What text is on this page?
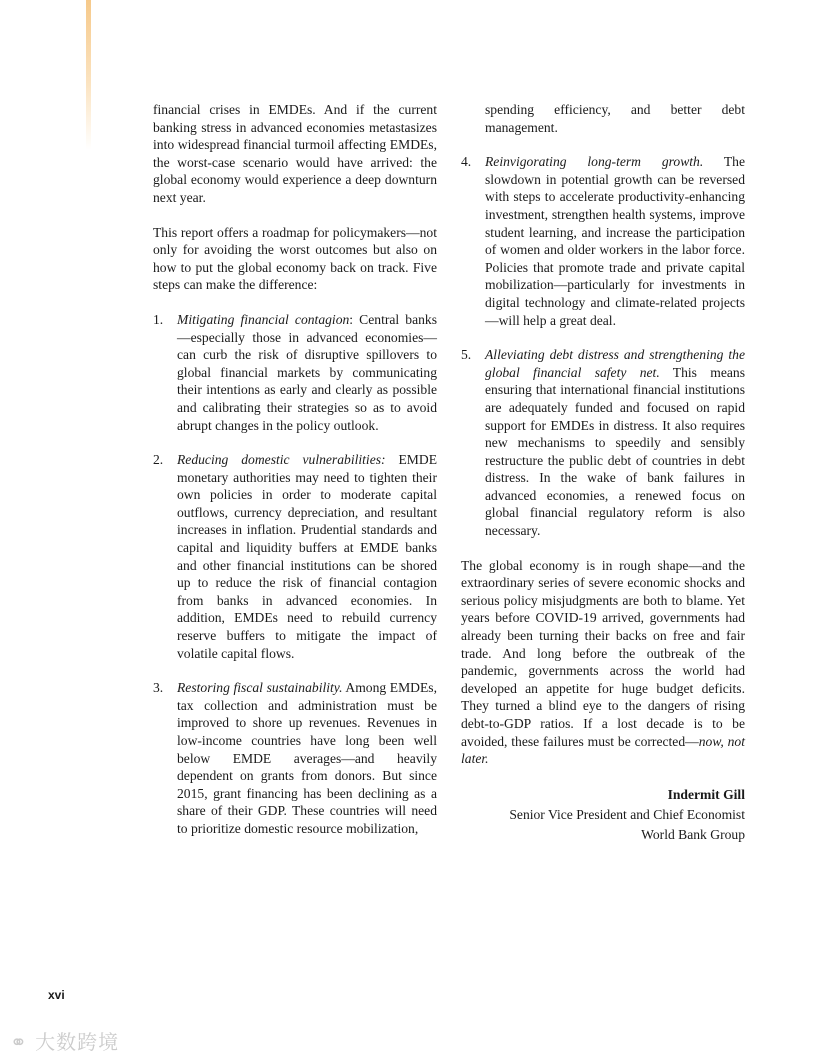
financial crises in EMDEs. And if the current banking stress in advanced economies metastasizes into widespread financial turmoil affecting EMDEs, the worst-case scenario would have arrived: the global economy would experience a deep downturn next year.

This report offers a roadmap for policymakers—not only for avoiding the worst outcomes but also on how to put the global economy back on track. Five steps can make the difference:

1. Mitigating financial contagion: Central banks—especially those in advanced economies—can curb the risk of disruptive spillovers to global financial markets by communicating their intentions as early and clearly as possible and calibrating their strategies so as to avoid abrupt changes in the policy outlook.
2. Reducing domestic vulnerabilities: EMDE monetary authorities may need to tighten their own policies in order to moderate capital outflows, currency depreciation, and resultant increases in inflation. Prudential standards and capital and liquidity buffers at EMDE banks and other financial institutions can be shored up to reduce the risk of financial contagion from banks in advanced economies. In addition, EMDEs need to rebuild currency reserve buffers to mitigate the impact of volatile capital flows.
3. Restoring fiscal sustainability. Among EMDEs, tax collection and administration must be improved to shore up revenues. Revenues in low-income countries have long been well below EMDE averages—and heavily dependent on grants from donors. But since 2015, grant financing has been declining as a share of their GDP. These countries will need to prioritize domestic resource mobilization,
spending efficiency, and better debt management.
4. Reinvigorating long-term growth. The slowdown in potential growth can be reversed with steps to accelerate productivity-enhancing investment, strengthen health systems, improve student learning, and increase the participation of women and older workers in the labor force. Policies that promote trade and private capital mobilization—particularly for investments in digital technology and climate-related projects—will help a great deal.
5. Alleviating debt distress and strengthening the global financial safety net. This means ensuring that international financial institutions are adequately funded and focused on rapid support for EMDEs in distress. It also requires new mechanisms to speedily and sensibly restructure the public debt of countries in debt distress. In the wake of bank failures in advanced economies, a renewed focus on global financial regulatory reform is also necessary.

The global economy is in rough shape—and the extraordinary series of severe economic shocks and serious policy misjudgments are both to blame. Yet years before COVID-19 arrived, governments had already been turning their backs on free and fair trade. And long before the outbreak of the pandemic, governments across the world had developed an appetite for huge budget deficits. They turned a blind eye to the dangers of rising debt-to-GDP ratios. If a lost decade is to be avoided, these failures must be corrected—now, not later.

Indermit Gill
Senior Vice President and Chief Economist
World Bank Group
xvi
⚭ 大数跨境
